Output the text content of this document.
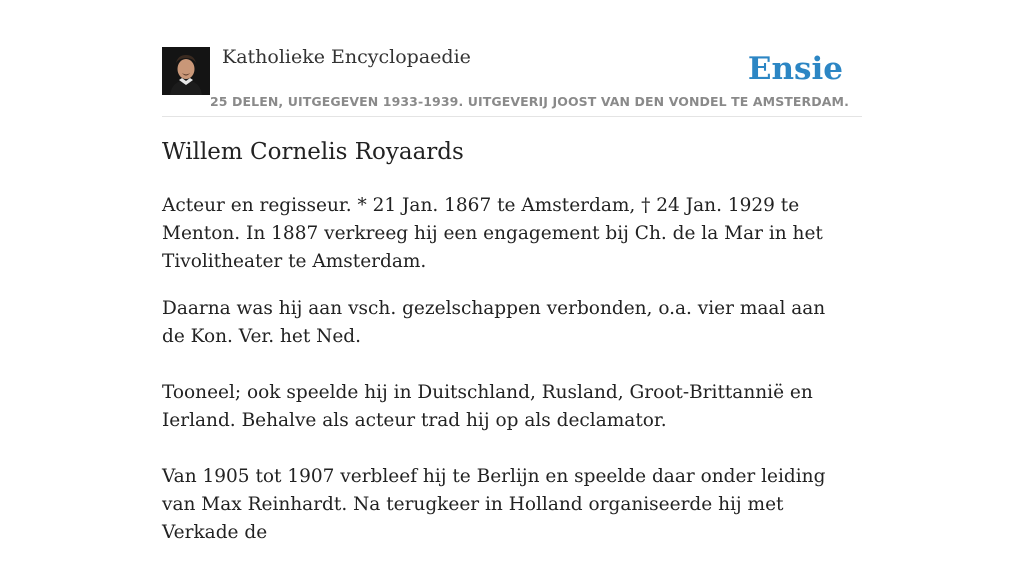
Katholieke Encyclopaedie	Ensie
25 DELEN, UITGEGEVEN 1933-1939. UITGEVERIJ JOOST VAN DEN VONDEL TE AMSTERDAM.
Willem Cornelis Royaards

Acteur en regisseur. * 21 Jan. 1867 te Amsterdam, † 24 Jan. 1929 te Menton. In 1887 verkreeg hij een engagement bij Ch. de la Mar in het Tivolitheater te Amsterdam.

Daarna was hij aan vsch. gezelschappen verbonden, o.a. vier maal aan de Kon. Ver. het Ned.

Tooneel; ook speelde hij in Duitschland, Rusland, Groot-Brittannië en Ierland. Behalve als acteur trad hij op als declamator.

Van 1905 tot 1907 verbleef hij te Berlijn en speelde daar onder leiding van Max Reinhardt. Na terugkeer in Holland organiseerde hij met Verkade de
